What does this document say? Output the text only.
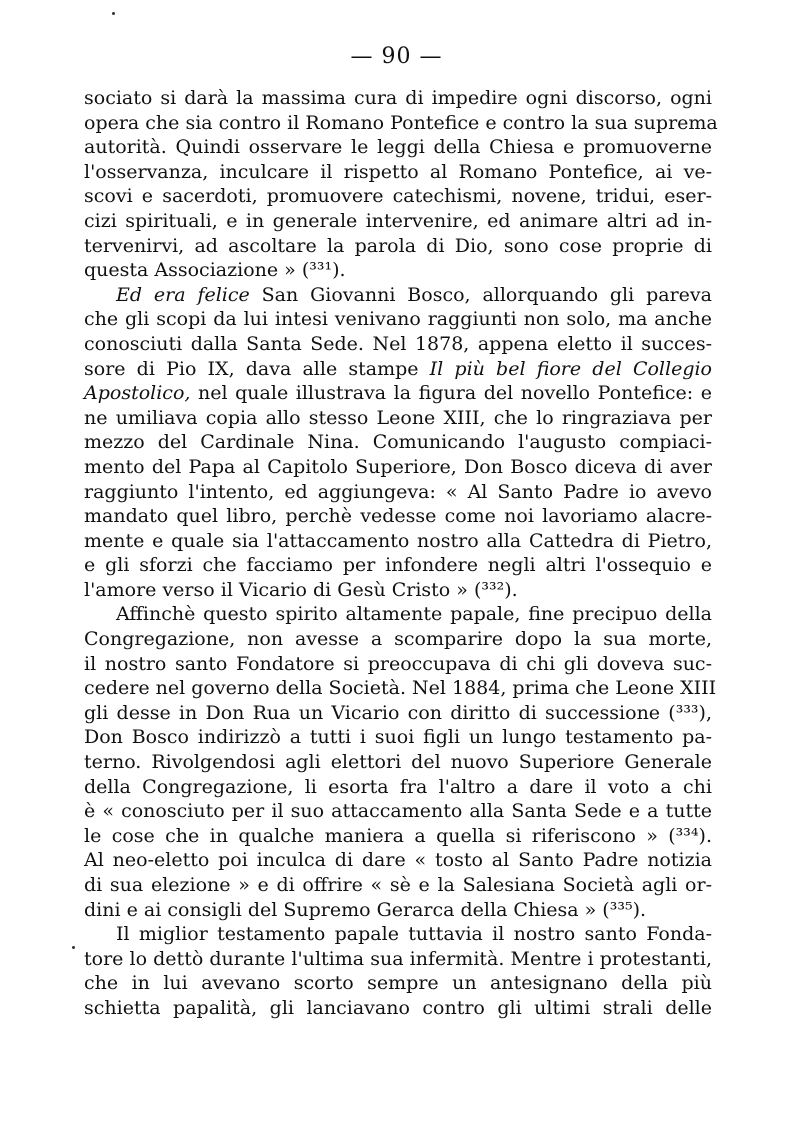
— 90 —
sociato si darà la massima cura di impedire ogni discorso, ogni
opera che sia contro il Romano Pontefice e contro la sua suprema
autorità. Quindi osservare le leggi della Chiesa e promuoverne
l'osservanza, inculcare il rispetto al Romano Pontefice, ai ve-
scovi e sacerdoti, promuovere catechismi, novene, tridui, eser-
cizi spirituali, e in generale intervenire, ed animare altri ad in-
tervenirvi, ad ascoltare la parola di Dio, sono cose proprie di
questa Associazione » (³³¹).
Ed era felice San Giovanni Bosco, allorquando gli pareva
che gli scopi da lui intesi venivano raggiunti non solo, ma anche
conosciuti dalla Santa Sede. Nel 1878, appena eletto il succes-
sore di Pio IX, dava alle stampe Il più bel fiore del Collegio
Apostolico, nel quale illustrava la figura del novello Pontefice: e
ne umiliava copia allo stesso Leone XIII, che lo ringraziava per
mezzo del Cardinale Nina. Comunicando l'augusto compiaci-
mento del Papa al Capitolo Superiore, Don Bosco diceva di aver
raggiunto l'intento, ed aggiungeva: « Al Santo Padre io avevo
mandato quel libro, perchè vedesse come noi lavoriamo alacre-
mente e quale sia l'attaccamento nostro alla Cattedra di Pietro,
e gli sforzi che facciamo per infondere negli altri l'ossequio e
l'amore verso il Vicario di Gesù Cristo » (³³²).
Affinchè questo spirito altamente papale, fine precipuo della
Congregazione, non avesse a scomparire dopo la sua morte,
il nostro santo Fondatore si preoccupava di chi gli doveva suc-
cedere nel governo della Società. Nel 1884, prima che Leone XIII
gli desse in Don Rua un Vicario con diritto di successione (³³³),
Don Bosco indirizzò a tutti i suoi figli un lungo testamento pa-
terno. Rivolgendosi agli elettori del nuovo Superiore Generale
della Congregazione, li esorta fra l'altro a dare il voto a chi
è « conosciuto per il suo attaccamento alla Santa Sede e a tutte
le cose che in qualche maniera a quella si riferiscono » (³³⁴).
Al neo-eletto poi inculca di dare « tosto al Santo Padre notizia
di sua elezione » e di offrire « sè e la Salesiana Società agli or-
dini e ai consigli del Supremo Gerarca della Chiesa » (³³⁵).
Il miglior testamento papale tuttavia il nostro santo Fonda-
tore lo dettò durante l'ultima sua infermità. Mentre i protestanti,
che in lui avevano scorto sempre un antesignano della più
schietta papalità, gli lanciavano contro gli ultimi strali delle
